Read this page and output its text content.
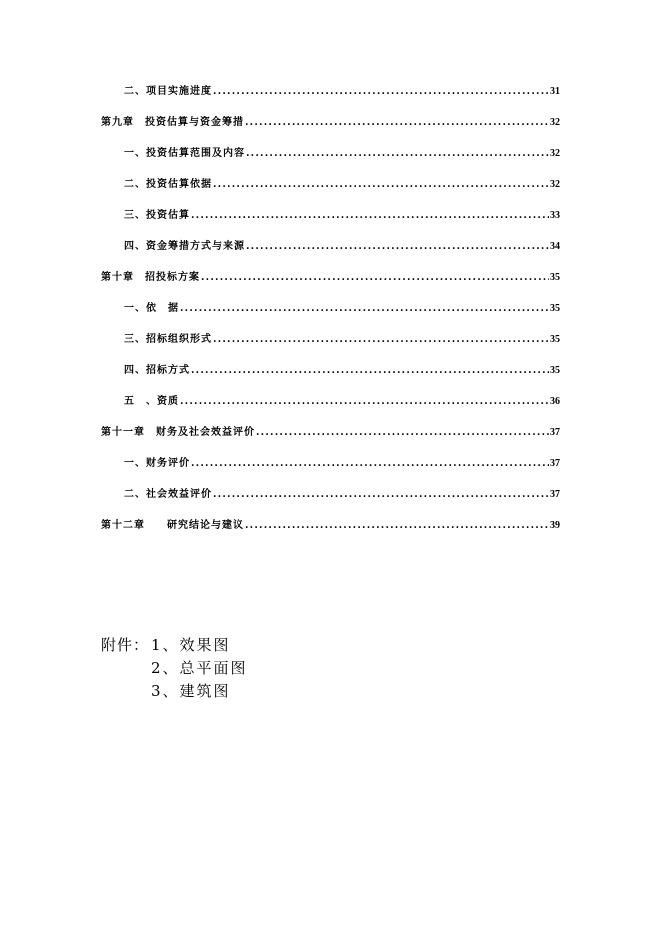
二、项目实施进度 .....	31
第九章　投资估算与资金筹措 .....	32
一、投资估算范围及内容 .....	32
二、投资估算依据 .....	32
三、投资估算 .....	33
四、资金筹措方式与来源 .....	34
第十章　招投标方案 .....	35
一、依　据 .....	35
三、招标组织形式 .....	35
四、招标方式 .....	35
五　、资质 .....	36
第十一章　财务及社会效益评价 .....	37
一、财务评价 .....	37
二、社会效益评价 .....	37
第十二章　　研究结论与建议 .....	39
附件： 1、效果图
2、总平面图
3、建筑图
